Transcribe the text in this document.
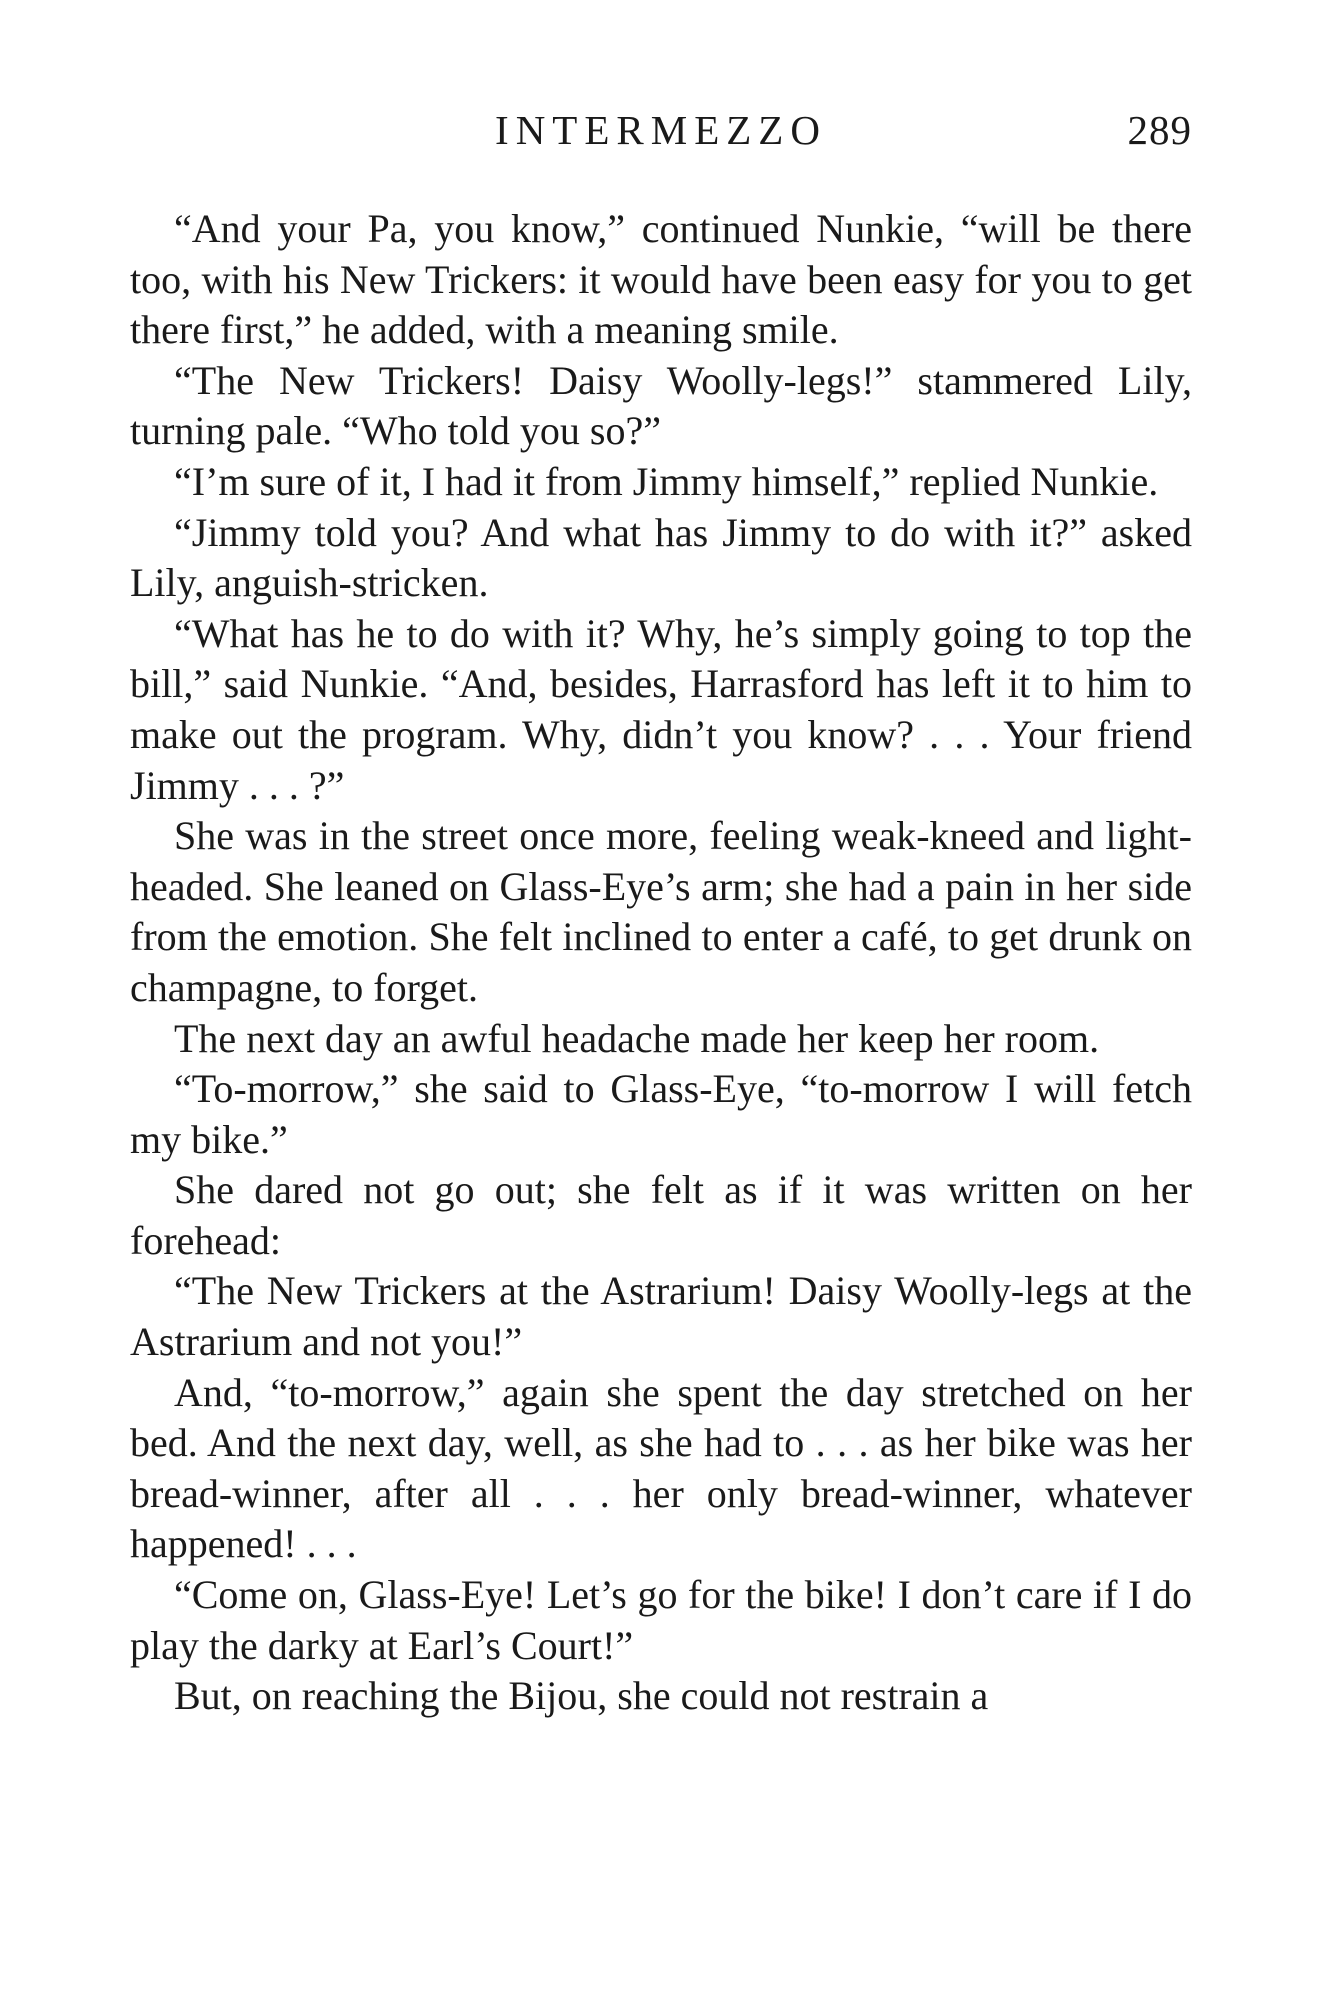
INTERMEZZO	289

“And your Pa, you know,” continued Nunkie, “will be there too, with his New Trickers: it would have been easy for you to get there first,” he added, with a meaning smile.

“The New Trickers! Daisy Woolly-legs!” stammered Lily, turning pale. “Who told you so?”

“I’m sure of it, I had it from Jimmy himself,” replied Nunkie.

“Jimmy told you? And what has Jimmy to do with it?” asked Lily, anguish-stricken.

“What has he to do with it? Why, he’s simply going to top the bill,” said Nunkie. “And, besides, Harrasford has left it to him to make out the program. Why, didn’t you know? . . . Your friend Jimmy . . . ?”

She was in the street once more, feeling weak-kneed and light-headed. She leaned on Glass-Eye’s arm; she had a pain in her side from the emotion. She felt inclined to enter a café, to get drunk on champagne, to forget.

The next day an awful headache made her keep her room.

“To-morrow,” she said to Glass-Eye, “to-morrow I will fetch my bike.”

She dared not go out; she felt as if it was written on her forehead:

“The New Trickers at the Astrarium! Daisy Woolly-legs at the Astrarium and not you!”

And, “to-morrow,” again she spent the day stretched on her bed. And the next day, well, as she had to . . . as her bike was her bread-winner, after all . . . her only bread-winner, whatever happened! . . .

“Come on, Glass-Eye! Let’s go for the bike! I don’t care if I do play the darky at Earl’s Court!”

But, on reaching the Bijou, she could not restrain a
